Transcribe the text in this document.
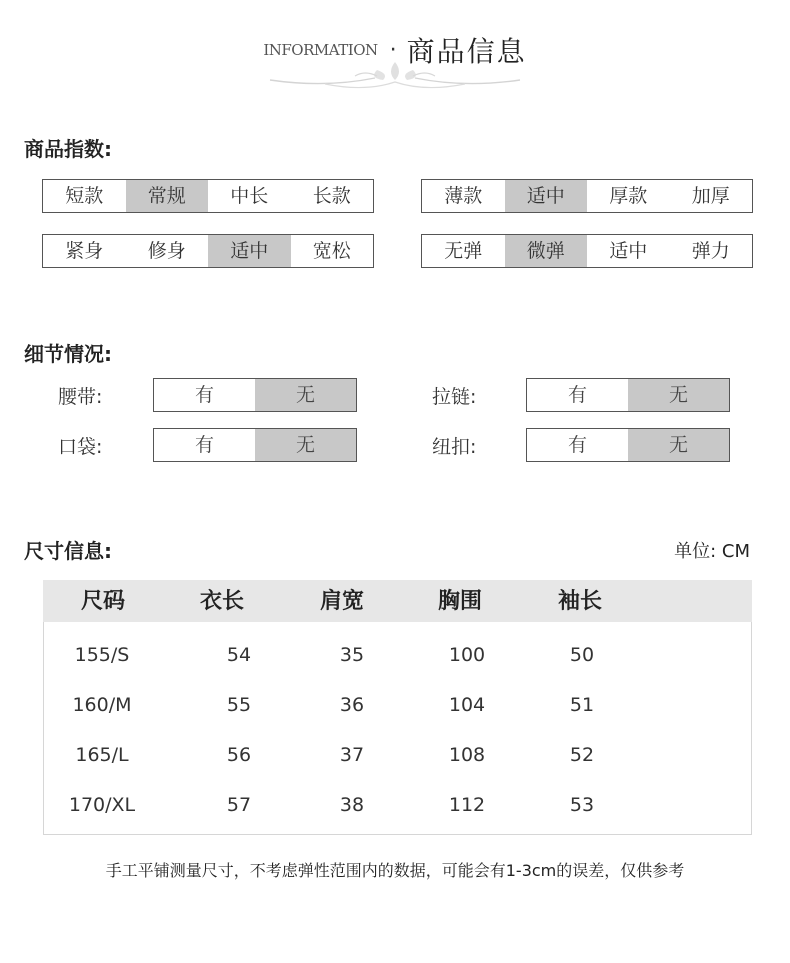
INFORMATION · 商品信息
商品指数:
短款	常规	中长	长款	薄款	适中	厚款	加厚
紧身	修身	适中	宽松	无弹	微弹	适中	弹力
细节情况:
腰带:	有	无	拉链:	有	无
口袋:	有	无	纽扣:	有	无
尺寸信息:	单位: CM
尺码	衣长	肩宽	胸围	袖长
155/S	54	35	100	50
160/M	55	36	104	51
165/L	56	37	108	52
170/XL	57	38	112	53
手工平铺测量尺寸，不考虑弹性范围内的数据，可能会有1-3cm的误差，仅供参考
